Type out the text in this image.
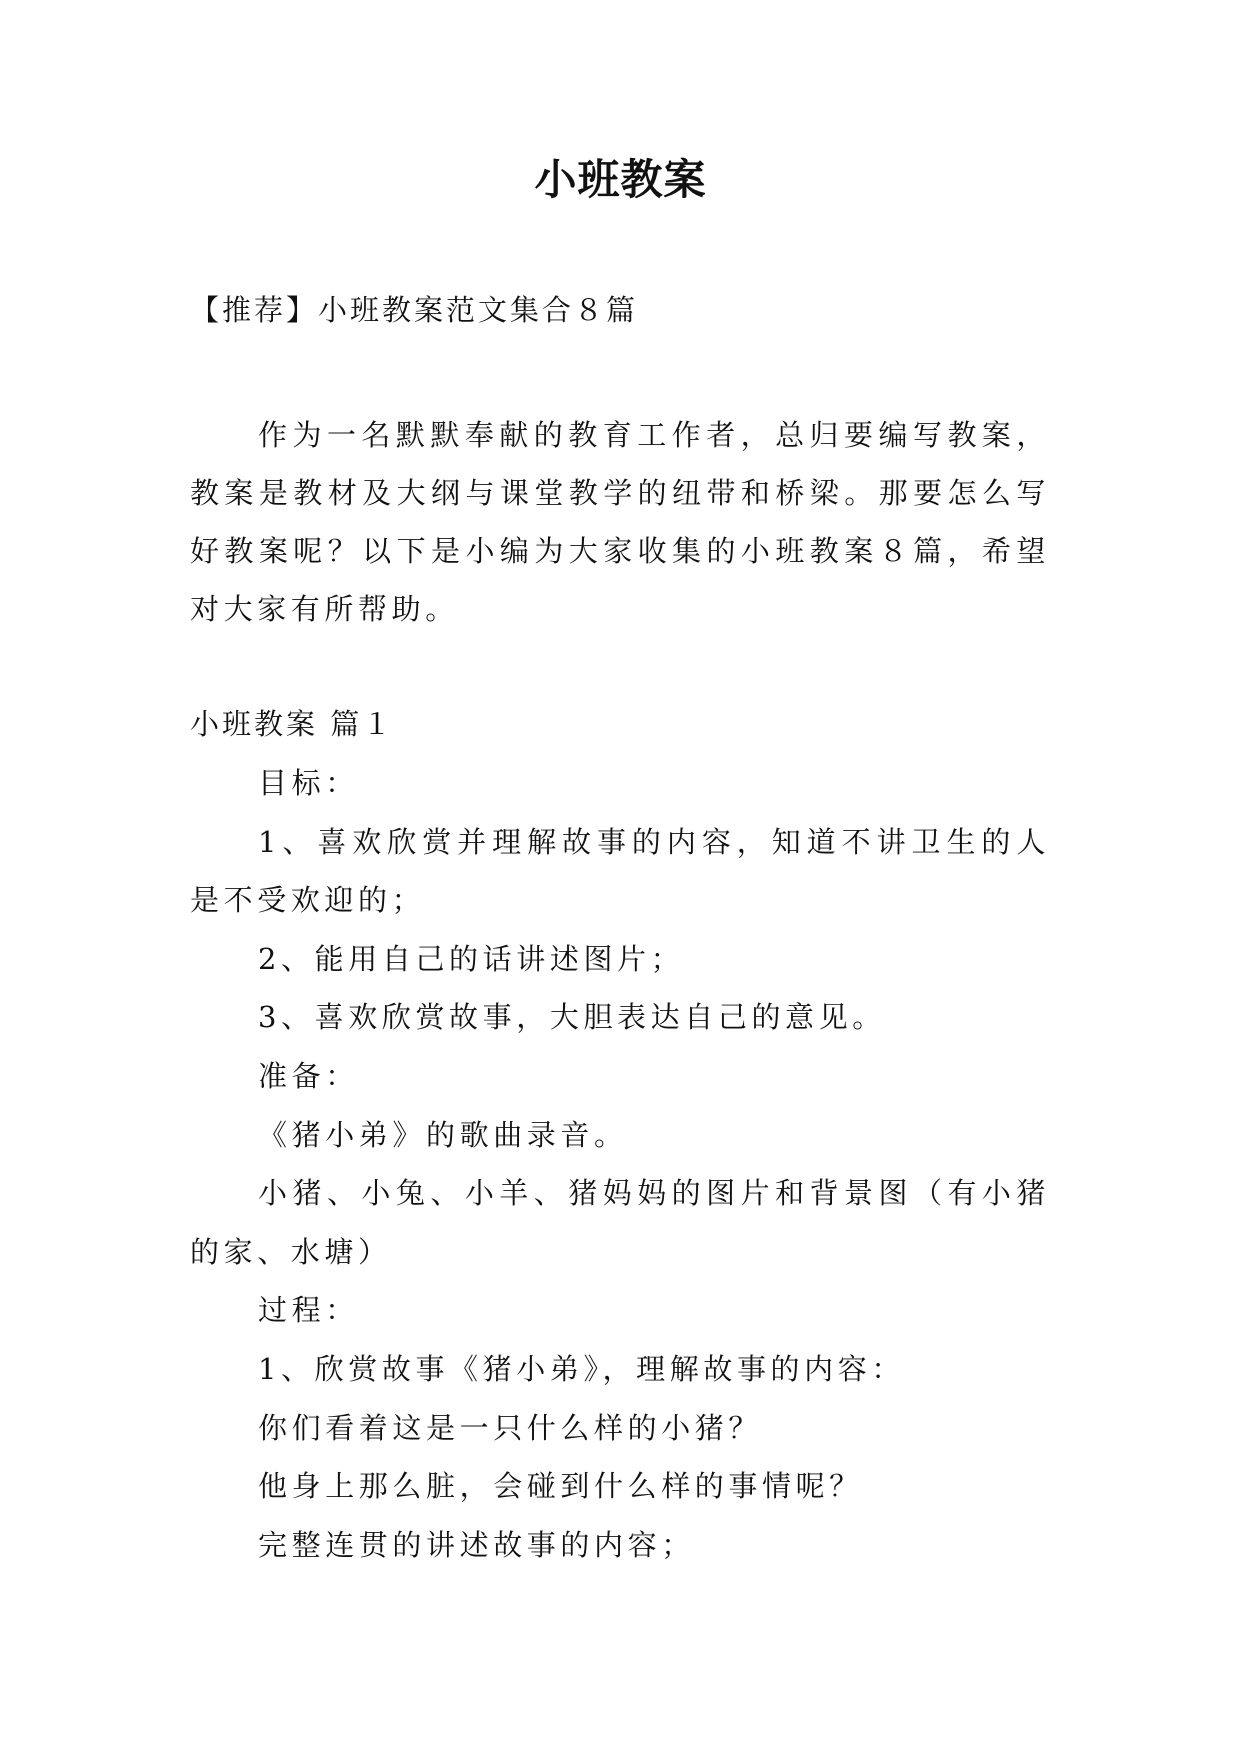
小班教案
【推荐】小班教案范文集合８篇

作为一名默默奉献的教育工作者，总归要编写教案，教案是教材及大纲与课堂教学的纽带和桥梁。那要怎么写好教案呢？以下是小编为大家收集的小班教案８篇，希望对大家有所帮助。

小班教案 篇１

目标：

1、喜欢欣赏并理解故事的内容，知道不讲卫生的人是不受欢迎的；

2、能用自己的话讲述图片；

3、喜欢欣赏故事，大胆表达自己的意见。

准备：

《猪小弟》的歌曲录音。

小猪、小兔、小羊、猪妈妈的图片和背景图（有小猪的家、水塘）

过程：

1、欣赏故事《猪小弟》，理解故事的内容：

你们看着这是一只什么样的小猪？

他身上那么脏，会碰到什么样的事情呢？

完整连贯的讲述故事的内容；
